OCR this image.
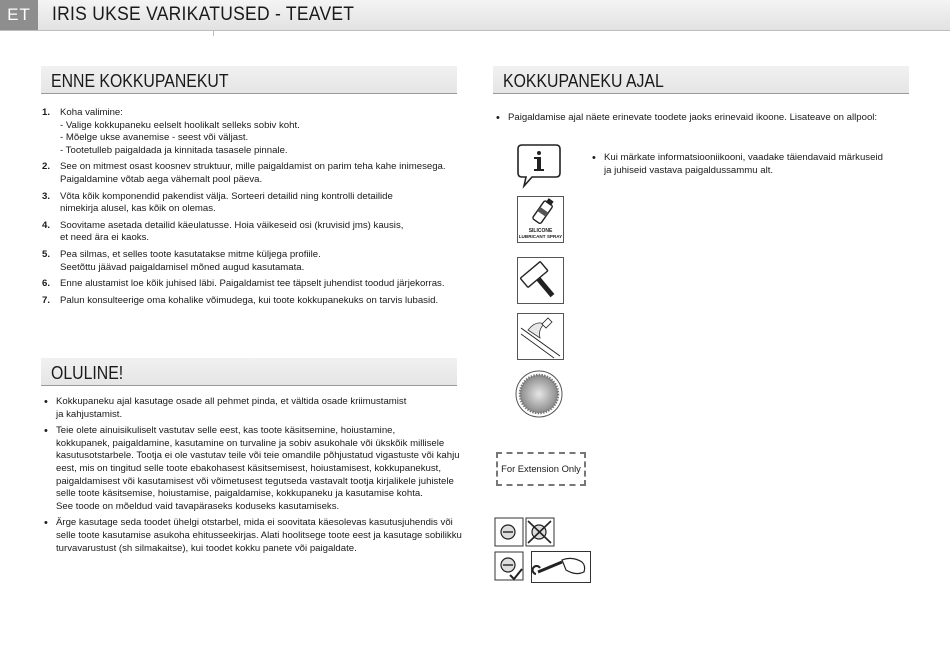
ET	IRIS UKSE VARIKATUSED - TEAVET
ENNE KOKKUPANEKUT
1. Koha valimine:
- Valige kokkupaneku eelselt hoolikalt selleks sobiv koht.
- Mõelge ukse avanemise - seest või väljast.
- Tootetulleb paigaldada ja kinnitada tasasele pinnale.
2. See on mitmest osast koosnev struktuur, mille paigaldamist on parim teha kahe inimesega.
Paigaldamine võtab aega vähemalt pool päeva.
3. Võta kõik komponendid pakendist välja. Sorteeri detailid ning kontrolli detailide
nimekirja alusel, kas kõik on olemas.
4. Soovitame asetada detailid käeulatusse. Hoia väikeseid osi (kruvisid jms) kausis,
et need ära ei kaoks.
5. Pea silmas, et selles toote kasutatakse mitme küljega profiile.
Seetõttu jäävad paigaldamisel mõned augud kasutamata.
6. Enne alustamist loe kõik juhised läbi. Paigaldamist tee täpselt juhendist toodud järjekorras.
7. Palun konsulteerige oma kohalike võimudega, kui toote kokkupanekuks on tarvis lubasid.
OLULINE!
• Kokkupaneku ajal kasutage osade all pehmet pinda, et vältida osade kriimustamist
ja kahjustamist.
• Teie olete ainuisikuliselt vastutav selle eest, kas toote käsitsemine, hoiustamine,
kokkupanek, paigaldamine, kasutamine on turvaline ja sobiv asukohale või ükskõik millisele
kasutusotstarbele. Tootja ei ole vastutav teile või teie omandile põhjustatud vigastuste või kahju
eest, mis on tingitud selle toote ebakohasest käsitsemisest, hoiustamisest, kokkupanekust,
paigaldamisest või kasutamisest või võimetusest tegutseda vastavalt tootja kirjalikele juhistele
selle toote käsitsemise, hoiustamise, paigaldamise, kokkupaneku ja kasutamise kohta.
See toode on mõeldud vaid tavapäraseks koduseks kasutamiseks.
• Ärge kasutage seda toodet ühelgi otstarbel, mida ei soovitata käesolevas kasutusjuhendis või
selle toote kasutamise asukoha ehitusseekirjas. Alati hoolitsege toote eest ja kasutage sobilikku
turvavarustust (sh silmakaitse), kui toodet kokku panete või paigaldate.
KOKKUPANEKU AJAL
• Paigaldamise ajal näete erinevate toodete jaoks erinevaid ikoone. Lisateave on allpool:
SILICONE
LUBRICANT SPRAY
For Extension Only
• Kui märkate informatsiooniikooni, vaadake täiendavaid märkuseid
ja juhiseid vastava paigaldussammu alt.
